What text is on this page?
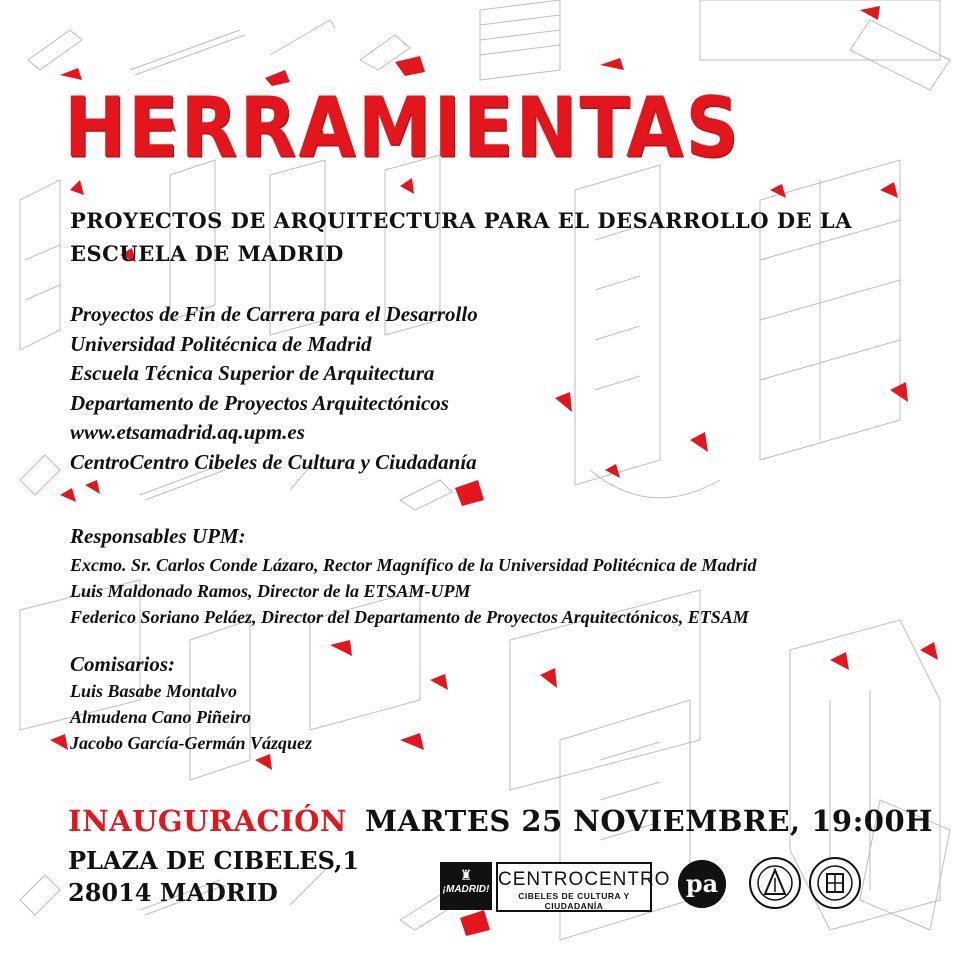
HERRAMIENTAS
PROYECTOS DE ARQUITECTURA PARA EL DESARROLLO DE LA ESCUELA DE MADRID
Proyectos de Fin de Carrera para el Desarrollo
Universidad Politécnica de Madrid
Escuela Técnica Superior de Arquitectura
Departamento de Proyectos Arquitectónicos
www.etsamadrid.aq.upm.es
CentroCentro Cibeles de Cultura y Ciudadanía
Responsables UPM:
Excmo. Sr. Carlos Conde Lázaro, Rector Magnífico de la Universidad Politécnica de Madrid
Luis Maldonado Ramos, Director de la ETSAM-UPM
Federico Soriano Peláez, Director del Departamento de Proyectos Arquitectónicos, ETSAM
Comisarios:
Luis Basabe Montalvo
Almudena Cano Piñeiro
Jacobo García-Germán Vázquez
INAUGURACIÓN MARTES 25 NOVIEMBRE, 19:00H
PLAZA DE CIBELES,1
28014 MADRID
♜
¡MADRID! CENTROCENTRO
CIBELES DE CULTURA Y CIUDADANÍA
pa
